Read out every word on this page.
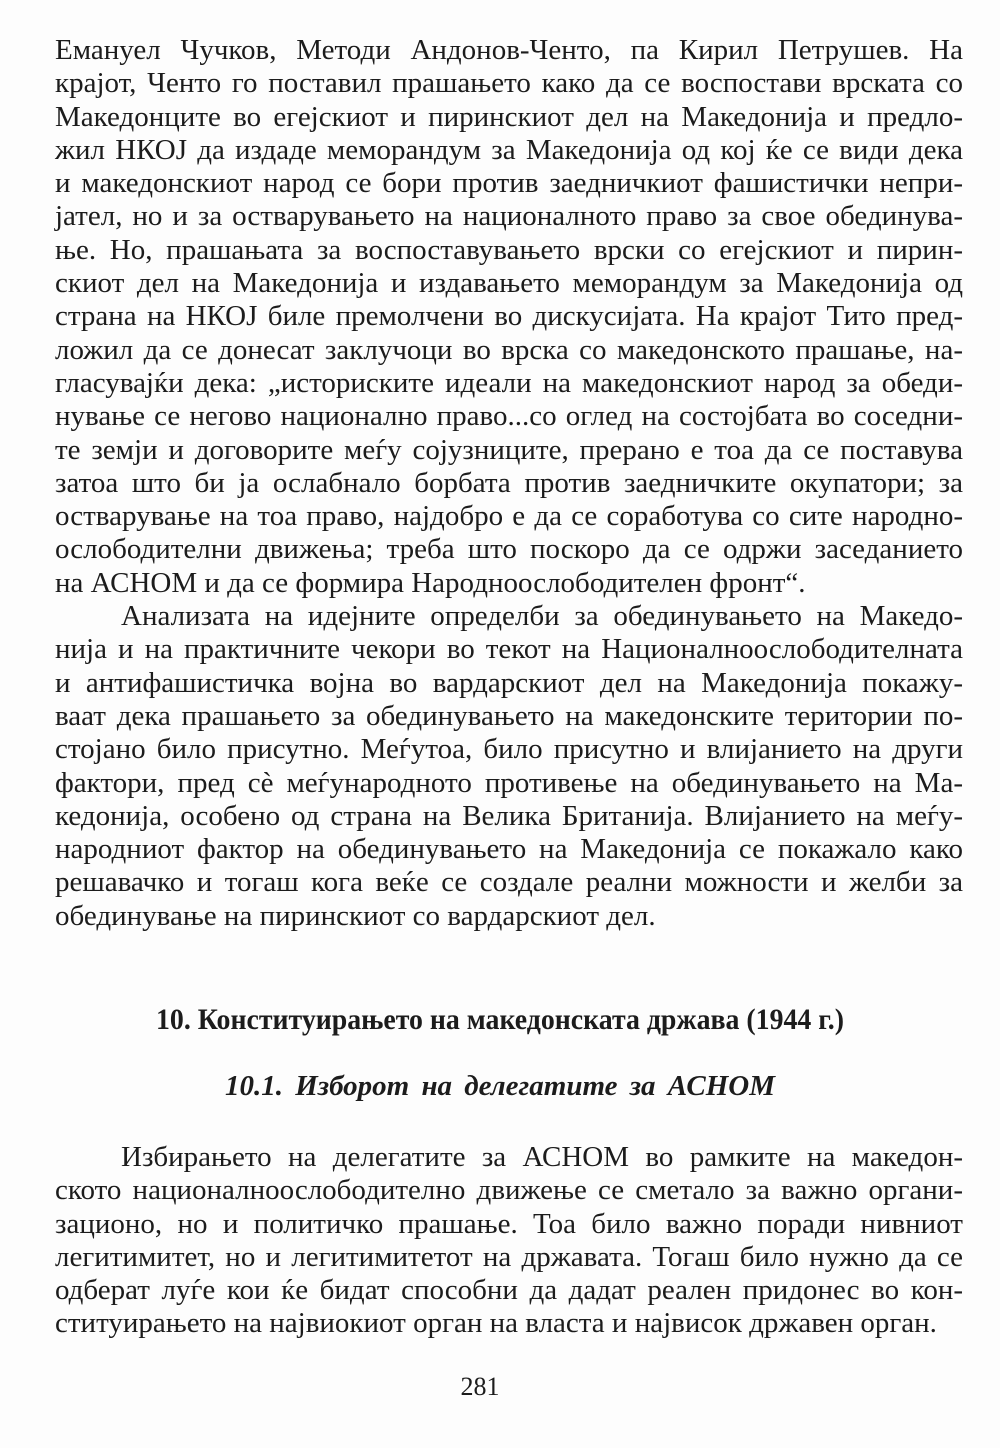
Емануел Чучков, Методи Андонов-Ченто, па Кирил Петрушев. На
крајот, Ченто го поставил прашањето како да се воспостави врската со
Македонците во егејскиот и пиринскиот дел на Македонија и предло-
жил НКОЈ да издаде меморандум за Македонија од кој ќе се види дека
и македонскиот народ се бори против заедничкиот фашистички непри-
јател, но и за остварувањето на националното право за свое обединува-
ње. Но, прашањата за воспоставувањето врски со егејскиот и пирин-
скиот дел на Македонија и издавањето меморандум за Македонија од
страна на НКОЈ биле премолчени во дискусијата. На крајот Тито пред-
ложил да се донесат заклучоци во врска со македонското прашање, на-
гласувајќи дека: „историските идеали на македонскиот народ за обеди-
нување се негово национално право...со оглед на состојбата во соседни-
те земји и договорите меѓу сојузниците, прерано е тоа да се поставува
затоа што би ја ослабнало борбата против заедничките окупатори; за
остварување на тоа право, најдобро е да се соработува со сите народно-
ослободителни движења; треба што поскоро да се одржи заседанието
на АСНОМ и да се формира Народноослободителен фронт“.
Анализата на идејните определби за обединувањето на Македо-
нија и на практичните чекори во текот на Националноослободителната
и антифашистичка војна во вардарскиот дел на Македонија покажу-
ваат дека прашањето за обединувањето на македонските територии по-
стојано било присутно. Меѓутоа, било присутно и влијанието на други
фактори, пред сè меѓународното противење на обединувањето на Ма-
кедонија, особено од страна на Велика Британија. Влијанието на меѓу-
народниот фактор на обединувањето на Македонија се покажало како
решавачко и тогаш кога веќе се создале реални можности и желби за
обединување на пиринскиот со вардарскиот дел.
10. Конституирањето на македонската држава (1944 г.)
10.1. Изборот на делегатите за АСНОМ
Избирањето на делегатите за АСНОМ во рамките на македон-
ското националноослободително движење се сметало за важно органи-
зационо, но и политичко прашање. Тоа било важно поради нивниот
легитимитет, но и легитимитетот на државата. Тогаш било нужно да се
одберат луѓе кои ќе бидат способни да дадат реален придонес во кон-
ституирањето на највиокиот орган на власта и највисок државен орган.
281
